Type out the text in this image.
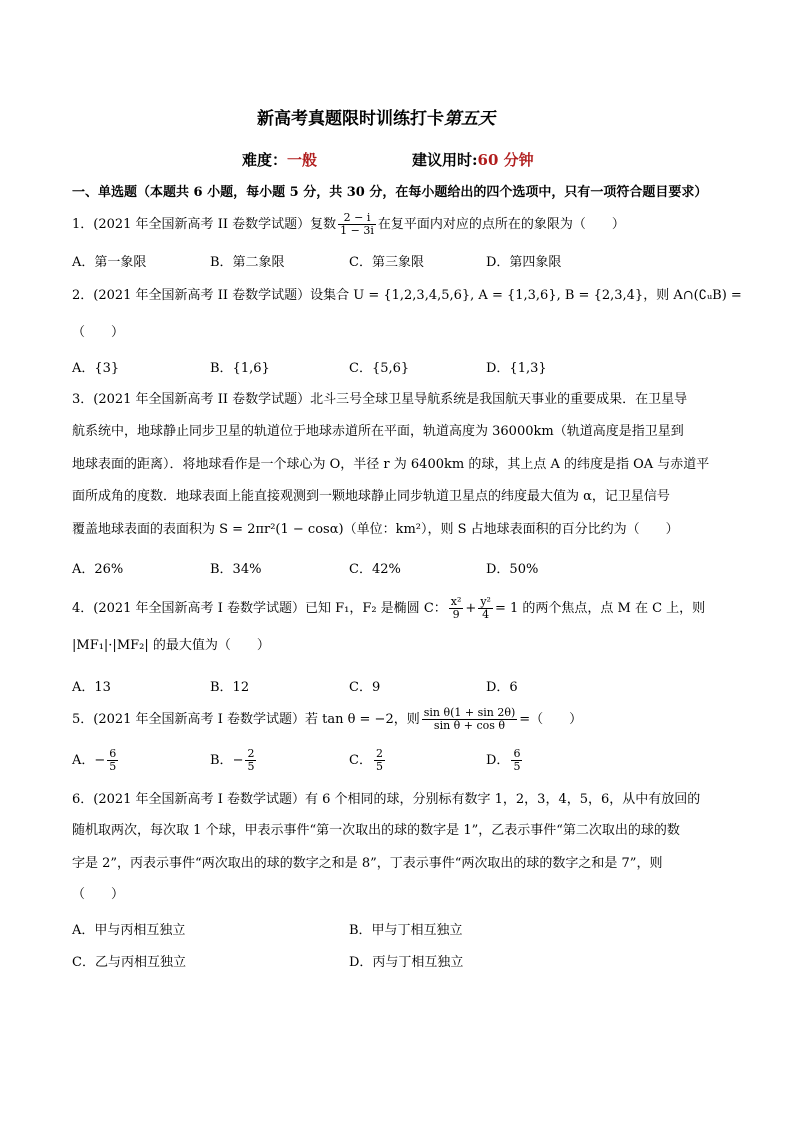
新高考真题限时训练打卡第五天
难度：一般	建议用时:60 分钟
一、单选题（本题共 6 小题，每小题 5 分，共 30 分，在每小题给出的四个选项中，只有一项符合题目要求）
1．(2021 年全国新高考 II 卷数学试题）复数 $\frac{2 - i}{1 - 3i}$ 在复平面内对应的点所在的象限为（　　）
A．第一象限	B．第二象限	C．第三象限	D．第四象限
2．(2021 年全国新高考 II 卷数学试题）设集合 U = {1,2,3,4,5,6}, A = {1,3,6}, B = {2,3,4}，则 A∩(∁ᵤB) =
（　　）
A．{3}	B．{1,6}	C．{5,6}	D．{1,3}
3．(2021 年全国新高考 II 卷数学试题）北斗三号全球卫星导航系统是我国航天事业的重要成果．在卫星导
航系统中，地球静止同步卫星的轨道位于地球赤道所在平面，轨道高度为 36000km（轨道高度是指卫星到
地球表面的距离）．将地球看作是一个球心为 O，半径 r 为 6400km 的球，其上点 A 的纬度是指 OA 与赤道平
面所成角的度数．地球表面上能直接观测到一颗地球静止同步轨道卫星点的纬度最大值为 α，记卫星信号
覆盖地球表面的表面积为 S = 2πr²(1 − cosα)（单位：km²），则 S 占地球表面积的百分比约为（　　）
A．26%	B．34%	C．42%	D．50%
4．(2021 年全国新高考 I 卷数学试题）已知 F₁，F₂ 是椭圆 C： $\frac{\text{x²}}{9} + \frac{\text{y²}}{4} = 1$ 的两个焦点，点 M 在 C 上，则
|MF₁|·|MF₂| 的最大值为（　　）
A．13	B．12	C．9	D．6
5．(2021 年全国新高考 I 卷数学试题）若 tan θ = −2，则 $\frac{\text{sin θ(1 + sin 2θ)}}{\text{sin θ + cos θ}}$ =（　　）
A．− $\frac{6}{5}$	B．− $\frac{2}{5}$	C． $\frac{2}{5}$	D． $\frac{6}{5}$
6．(2021 年全国新高考 I 卷数学试题）有 6 个相同的球，分别标有数字 1，2，3，4，5，6，从中有放回的
随机取两次，每次取 1 个球，甲表示事件“第一次取出的球的数字是 1”，乙表示事件“第二次取出的球的数
字是 2”，丙表示事件“两次取出的球的数字之和是 8”，丁表示事件“两次取出的球的数字之和是 7”，则
（　　）
A．甲与丙相互独立	B．甲与丁相互独立
C．乙与丙相互独立	D．丙与丁相互独立
